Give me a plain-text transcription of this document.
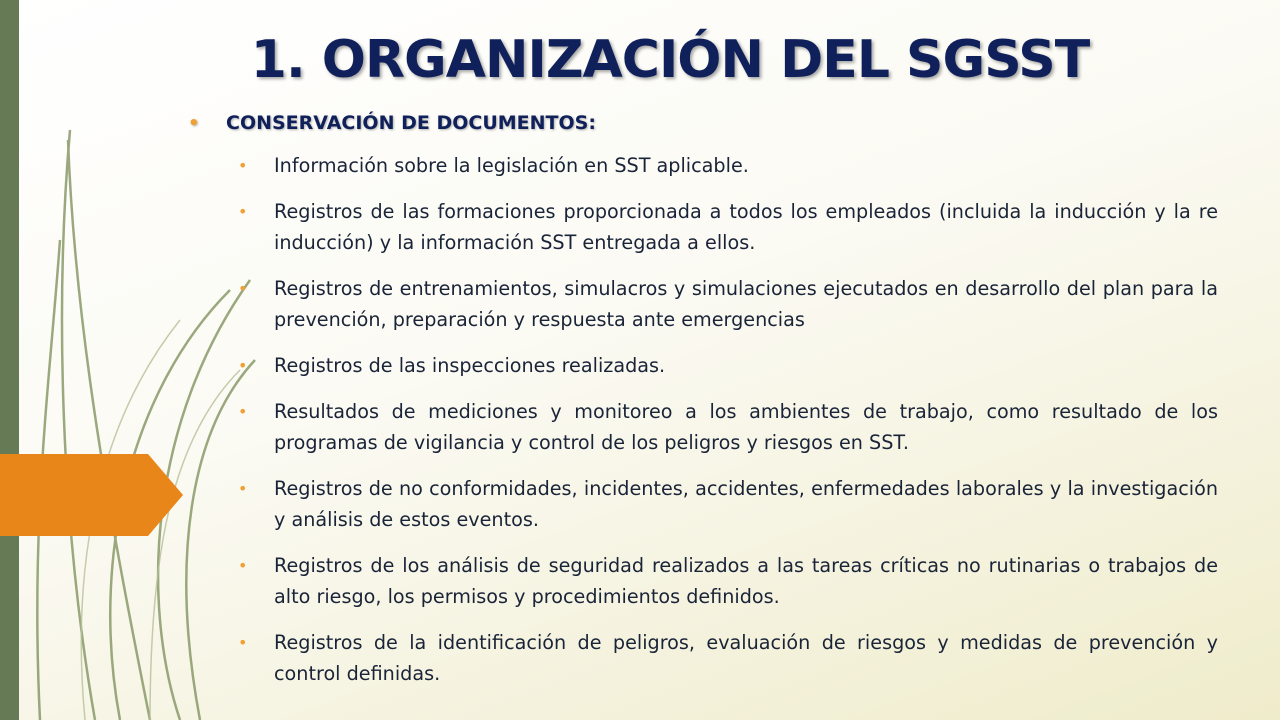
1. ORGANIZACIÓN DEL SGSST
•	CONSERVACIÓN DE DOCUMENTOS:
•	Información sobre la legislación en SST aplicable.
•	Registros de las formaciones proporcionada a todos los empleados (incluida la inducción y la re inducción) y la información SST entregada a ellos.
•	Registros de entrenamientos, simulacros y simulaciones ejecutados en desarrollo del plan para la prevención, preparación y respuesta ante emergencias
•	Registros de las inspecciones realizadas.
•	Resultados de mediciones y monitoreo a los ambientes de trabajo, como resultado de los programas de vigilancia y control de los peligros y riesgos en SST.
•	Registros de no conformidades, incidentes, accidentes, enfermedades laborales y la investigación y análisis de estos eventos.
•	Registros de los análisis de seguridad realizados a las tareas críticas no rutinarias o trabajos de alto riesgo, los permisos y procedimientos definidos.
•	Registros de la identificación de peligros, evaluación de riesgos y medidas de prevención y control definidas.
